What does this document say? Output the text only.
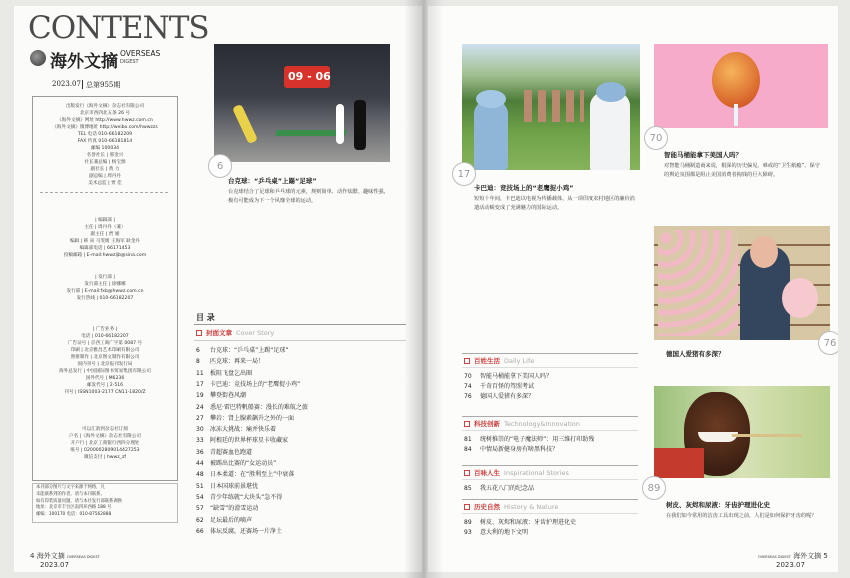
CONTENTS
海外文摘 OVERSEAS
DIGEST
2023.07 总第955期
出版发行《海外文摘》杂志社有限公司
北京市西四北五条 26 号
《海外文摘》网址 http://www.hwwz.com.cn
《海外文摘》微博地址 http://weibo.com/hwwzzs
TEL 电话 010-66182209
FAX 传真 010-66181814
邮编 100034
名誉社长 | 邢金兴
社长兼总编 | 杨宝源
副社长 | 黄 力
副总编 | 周丹丹
美术总监 | 贾 佳
| 编辑部 |
主任 | 周丹丹（兼）
副主任 | 贾 媛
编辑 | 韩 寅 马雯婧 王海军 耿金丹
编辑部电话 | 66171453
投稿邮箱 | E-mail:hwwzljb@sina.com
| 发行部 |
发行部主任 | 徐娜娜
发行部 | E-mail:fxb@hwwz.com.cn
发行热线 | 010-66182207
| 广告业务 |
电话 | 010-66182207
广告证号 | 京西工商广字第 0087 号
印刷 | 北京雅昌艺术印刷有限公司
照排制作 | 北京图文制作有限公司
国内刊号 | 北京报刊发行局
海外总发行 | 中国国际图书贸易集团有限公司
国外代号 | M6236
邮发代号 | 2-516
刊号 | ISSN1003-2177 CN11-1820/Z
可以汇款到杂志社订阅
户名 |《海外文摘》杂志社有限公司
开户行 | 北京工商银行西四分理处
账号 | 0200002809014427253
微信支付 | hwwz_zf
本刊部分图片与文字来源于网络，凡
未能联系到的作者，请与本刊联系。
如有印装质量问题，请与本社发行部联系调换
地址：北京市丰台区南四环西路 188 号
邮编：100170 电话：010-87562888
09 - 06
6
台克球：“乒乓桌”上踢“足球”
台克球结合了足球和乒乓球的元素，规则简单、动作炫酷、趣味性强，极有可能成为下一个风靡全球的运动。
目 录
封面文章 Cover Story
6 台克球：“乒乓桌”上踢“足球”
8 匹克球：再来一局！
11 板阻飞盘乞出圈
17 卡巴迪：竞技场上的“老鹰捉小鸡”
19 攀登街巷风潮
24 悉尼·雷巴特帆船赛：漫长的难航之旅
27 攀岩：肾上腺素飙升之外的一面
30 冰冻大挑战：痛并快乐着
33 阿根廷的世界杯球星卡收藏家
36 青超赛血色跑道
44 被踢出比赛的“女运动员”
48 日本柔道：在“胜利至上”中衰落
51 日本国球前景堪忧
54 青少年练就“大块头”急不得
57 “缺雪”的滑雪运动
62 足坛最后的嘀声
66 体坛反腐，还赛场一片净土
4 海外文摘 OVERSEAS DIGEST
2023.07
17
卡巴迪：竞技场上的“老鹰捉小鸡”
短短十年间，卡巴迪以电视为传播载体，从一项印度农村地区的廉价消遣活动蜕变成了充满魅力的国际运动。
70
智能马桶能拿下美国人吗？
对智能马桶制造商来说，根深的历史偏见、难戒的“卫生纸瘾”、保守的舆论氛围都是阻止美国消费者掏钱的巨大障碍。
76
德国人爱猪有多深？
89
树皮、灰烬和尿液：牙齿护理进化史
在我们如今常用的洁齿工具出现之前，人们是如何保护牙齿的呢？
百姓生活 Daily Life
70 智能马桶能拿下美国人吗？
74 千奇百怪的驾照考试
76 德国人爱猪有多深？
科技创新 Technology&Innovation
81 统树推崇的“电子魔法师”：用三维打印助残
84 中情局新健身房有啥黑科技？
百味人生 Inspirational Stories
85 我五花八门的纪念品
历史自然 History & Nature
89 树皮、灰烬和尿液：牙齿护理进化史
93 意大利的地下文明
OVERSEAS DIGEST 海外文摘 5
2023.07
